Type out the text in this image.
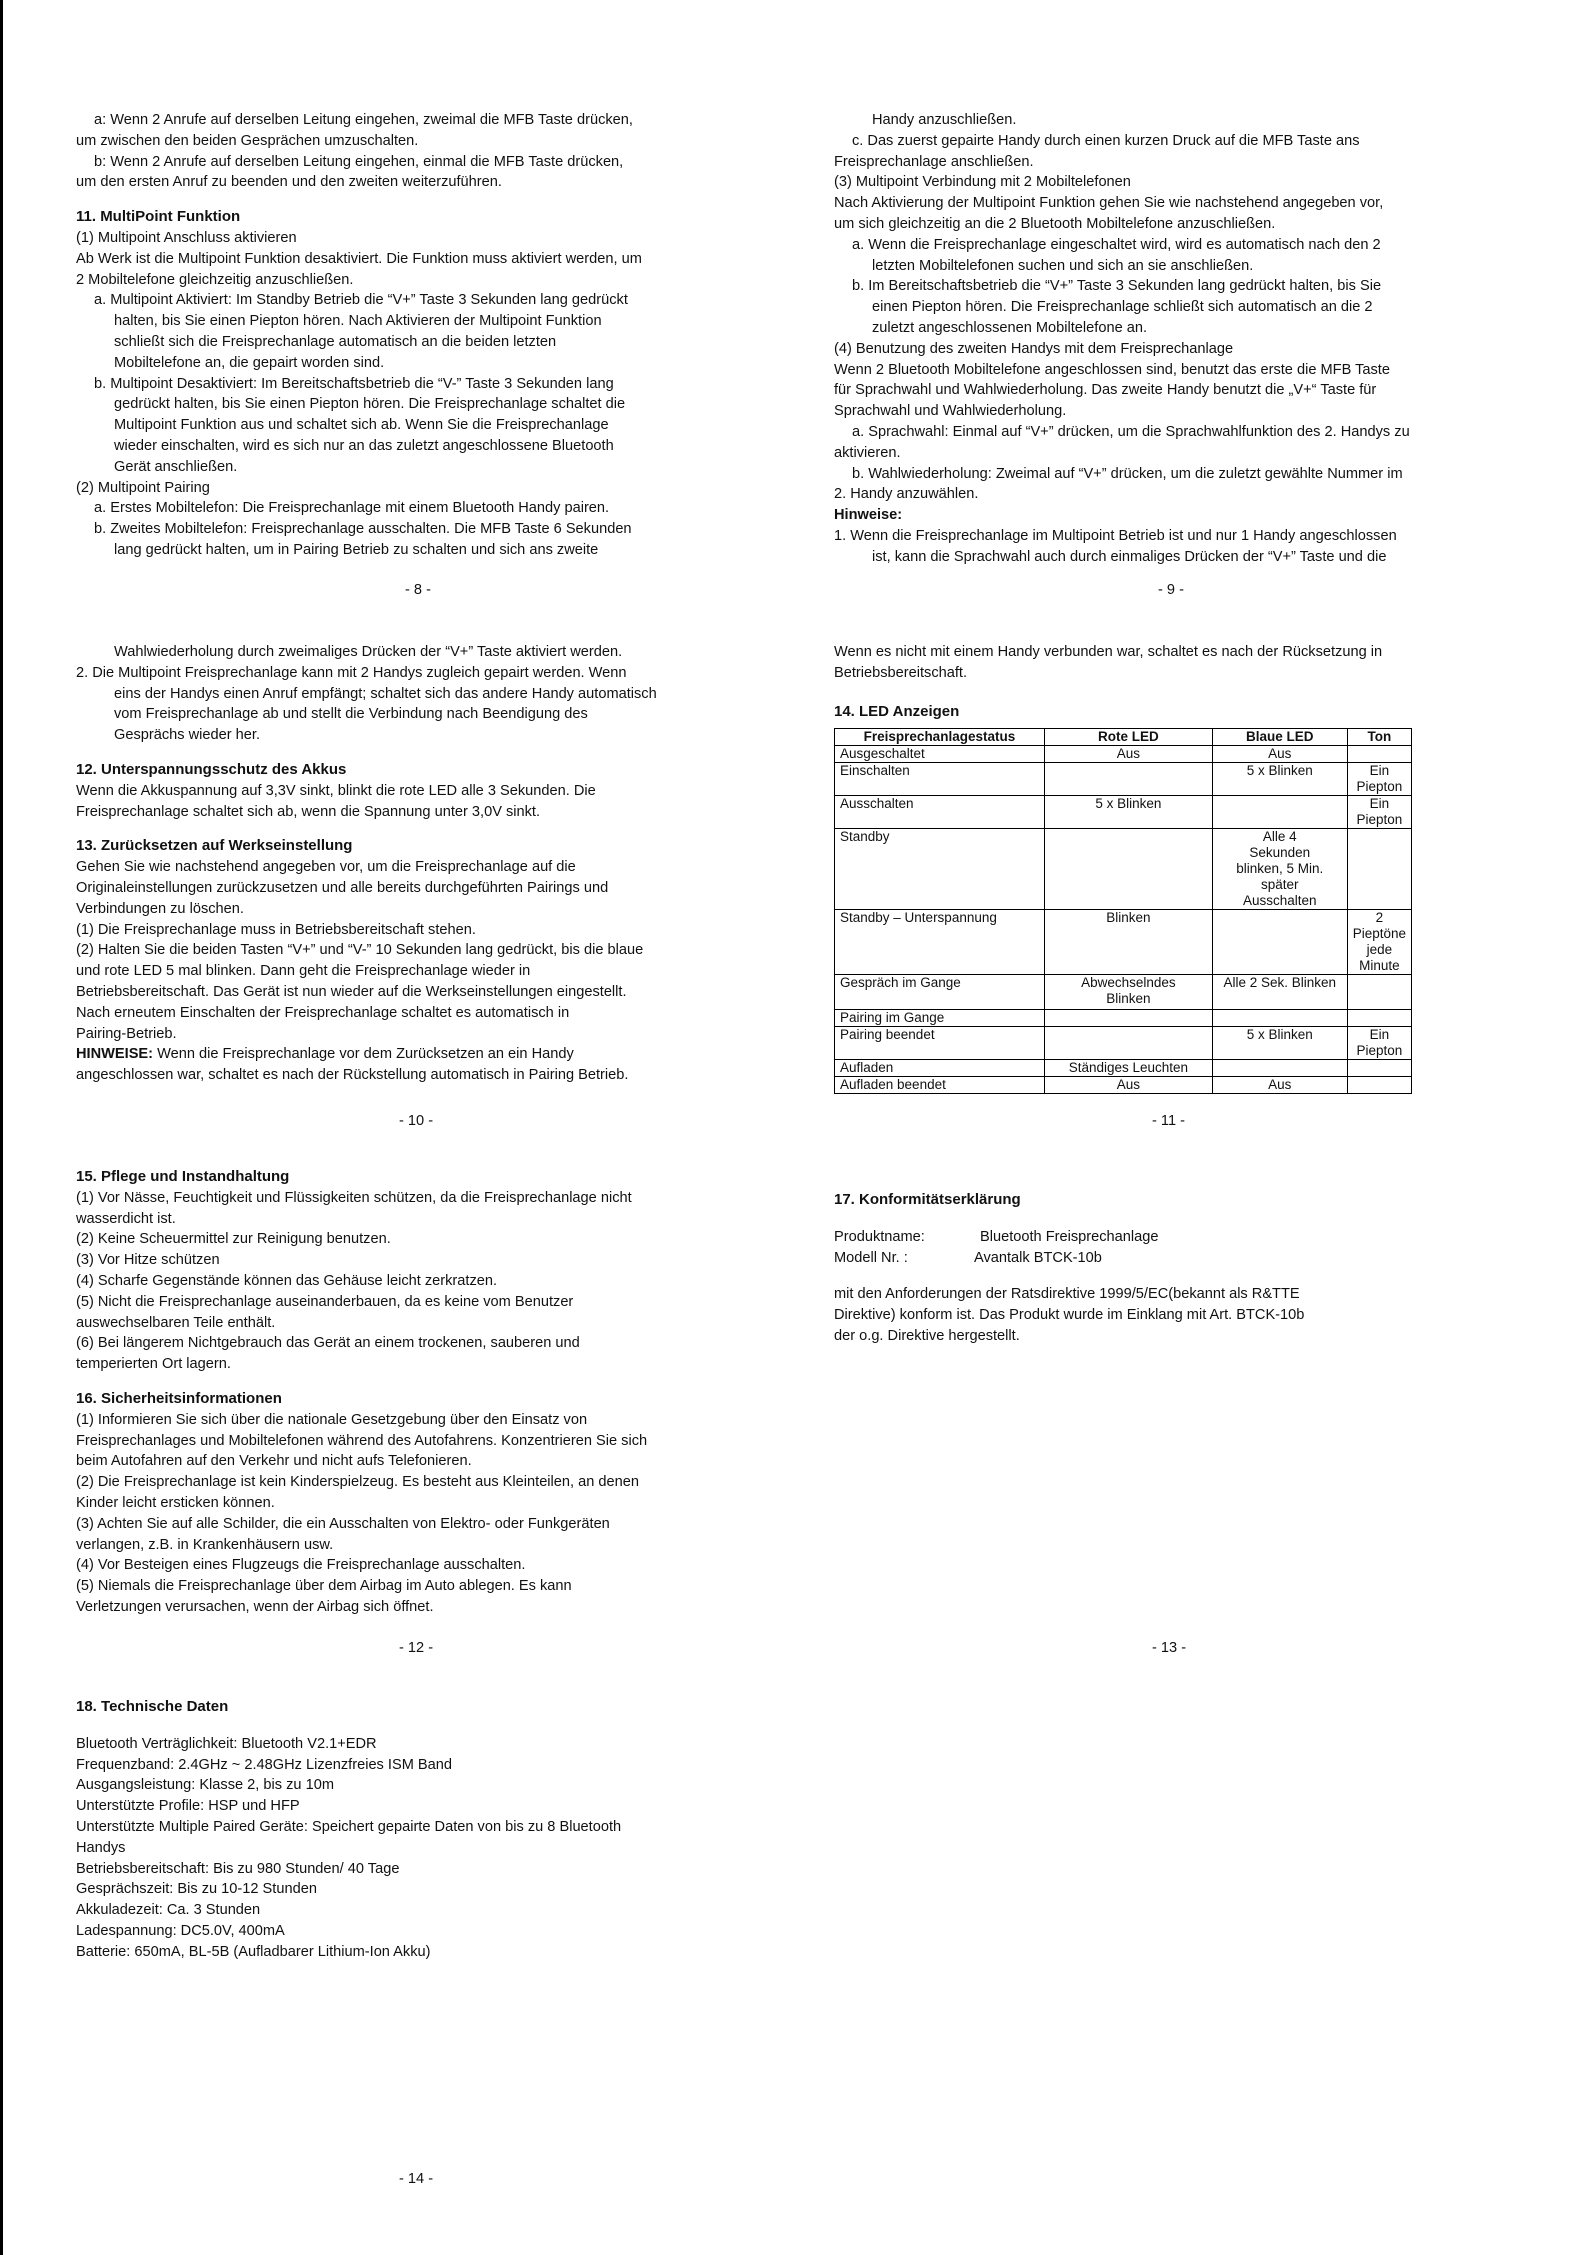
a: Wenn 2 Anrufe auf derselben Leitung eingehen, zweimal die MFB Taste drücken,

um zwischen den beiden Gesprächen umzuschalten.

b: Wenn 2 Anrufe auf derselben Leitung eingehen, einmal die MFB Taste drücken,

um den ersten Anruf zu beenden und den zweiten weiterzuführen.

11. MultiPoint Funktion

(1) Multipoint Anschluss aktivieren

Ab Werk ist die Multipoint Funktion desaktiviert. Die Funktion muss aktiviert werden, um

2 Mobiltelefone gleichzeitig anzuschließen.

a. Multipoint Aktiviert: Im Standby Betrieb die “V+” Taste 3 Sekunden lang gedrückt

halten, bis Sie einen Piepton hören. Nach Aktivieren der Multipoint Funktion

schließt sich die Freisprechanlage automatisch an die beiden letzten

Mobiltelefone an, die gepairt worden sind.

b. Multipoint Desaktiviert: Im Bereitschaftsbetrieb die “V-” Taste 3 Sekunden lang

gedrückt halten, bis Sie einen Piepton hören. Die Freisprechanlage schaltet die

Multipoint Funktion aus und schaltet sich ab. Wenn Sie die Freisprechanlage

wieder einschalten, wird es sich nur an das zuletzt angeschlossene Bluetooth

Gerät anschließen.

(2) Multipoint Pairing

a. Erstes Mobiltelefon: Die Freisprechanlage mit einem Bluetooth Handy pairen.

b. Zweites Mobiltelefon: Freisprechanlage ausschalten. Die MFB Taste 6 Sekunden

lang gedrückt halten, um in Pairing Betrieb zu schalten und sich ans zweite

- 8 -

Handy anzuschließen.

c. Das zuerst gepairte Handy durch einen kurzen Druck auf die MFB Taste ans

Freisprechanlage anschließen.

(3) Multipoint Verbindung mit 2 Mobiltelefonen

Nach Aktivierung der Multipoint Funktion gehen Sie wie nachstehend angegeben vor,

um sich gleichzeitig an die 2 Bluetooth Mobiltelefone anzuschließen.

a. Wenn die Freisprechanlage eingeschaltet wird, wird es automatisch nach den 2

letzten Mobiltelefonen suchen und sich an sie anschließen.

b. Im Bereitschaftsbetrieb die “V+” Taste 3 Sekunden lang gedrückt halten, bis Sie

einen Piepton hören. Die Freisprechanlage schließt sich automatisch an die 2

zuletzt angeschlossenen Mobiltelefone an.

(4) Benutzung des zweiten Handys mit dem Freisprechanlage

Wenn 2 Bluetooth Mobiltelefone angeschlossen sind, benutzt das erste die MFB Taste

für Sprachwahl und Wahlwiederholung. Das zweite Handy benutzt die „V+“ Taste für

Sprachwahl und Wahlwiederholung.

a. Sprachwahl: Einmal auf “V+” drücken, um die Sprachwahlfunktion des 2. Handys zu

aktivieren.

b. Wahlwiederholung: Zweimal auf “V+” drücken, um die zuletzt gewählte Nummer im

2. Handy anzuwählen.

Hinweise:

1. Wenn die Freisprechanlage im Multipoint Betrieb ist und nur 1 Handy angeschlossen

ist, kann die Sprachwahl auch durch einmaliges Drücken der “V+” Taste und die

- 9 -

Wahlwiederholung durch zweimaliges Drücken der “V+” Taste aktiviert werden.

2. Die Multipoint Freisprechanlage kann mit 2 Handys zugleich gepairt werden. Wenn

eins der Handys einen Anruf empfängt; schaltet sich das andere Handy automatisch

vom Freisprechanlage ab und stellt die Verbindung nach Beendigung des

Gesprächs wieder her.

12. Unterspannungsschutz des Akkus

Wenn die Akkuspannung auf 3,3V sinkt, blinkt die rote LED alle 3 Sekunden. Die

Freisprechanlage schaltet sich ab, wenn die Spannung unter 3,0V sinkt.

13. Zurücksetzen auf Werkseinstellung

Gehen Sie wie nachstehend angegeben vor, um die Freisprechanlage auf die

Originaleinstellungen zurückzusetzen und alle bereits durchgeführten Pairings und

Verbindungen zu löschen.

(1) Die Freisprechanlage muss in Betriebsbereitschaft stehen.

(2) Halten Sie die beiden Tasten “V+” und “V-” 10 Sekunden lang gedrückt, bis die blaue

und rote LED 5 mal blinken. Dann geht die Freisprechanlage wieder in

Betriebsbereitschaft. Das Gerät ist nun wieder auf die Werkseinstellungen eingestellt.

Nach erneutem Einschalten der Freisprechanlage schaltet es automatisch in

Pairing-Betrieb.

HINWEISE: Wenn die Freisprechanlage vor dem Zurücksetzen an ein Handy

angeschlossen war, schaltet es nach der Rückstellung automatisch in Pairing Betrieb.

- 10 -

Wenn es nicht mit einem Handy verbunden war, schaltet es nach der Rücksetzung in

Betriebsbereitschaft.

14. LED Anzeigen

Freisprechanlagestatus	Rote LED	Blaue LED	Ton
Ausgeschaltet	Aus	Aus	
Einschalten		5 x Blinken	Ein Piepton
Ausschalten	5 x Blinken		Ein Piepton
Standby		Alle 4 Sekunden blinken, 5 Min. später Ausschalten	
Standby – Unterspannung	Blinken		2 Pieptöne jede Minute
Gespräch im Gange	Abwechselndes Blinken	Alle 2 Sek. Blinken	
Pairing im Gange			
Pairing beendet		5 x Blinken	Ein Piepton
Aufladen	Ständiges Leuchten		
Aufladen beendet	Aus	Aus	
- 11 -

15. Pflege und Instandhaltung

(1) Vor Nässe, Feuchtigkeit und Flüssigkeiten schützen, da die Freisprechanlage nicht

wasserdicht ist.

(2) Keine Scheuermittel zur Reinigung benutzen.

(3) Vor Hitze schützen

(4) Scharfe Gegenstände können das Gehäuse leicht zerkratzen.

(5) Nicht die Freisprechanlage auseinanderbauen, da es keine vom Benutzer

auswechselbaren Teile enthält.

(6) Bei längerem Nichtgebrauch das Gerät an einem trockenen, sauberen und

temperierten Ort lagern.

16. Sicherheitsinformationen

(1) Informieren Sie sich über die nationale Gesetzgebung über den Einsatz von

Freisprechanlages und Mobiltelefonen während des Autofahrens. Konzentrieren Sie sich

beim Autofahren auf den Verkehr und nicht aufs Telefonieren.

(2) Die Freisprechanlage ist kein Kinderspielzeug. Es besteht aus Kleinteilen, an denen

Kinder leicht ersticken können.

(3) Achten Sie auf alle Schilder, die ein Ausschalten von Elektro- oder Funkgeräten

verlangen, z.B. in Krankenhäusern usw.

(4) Vor Besteigen eines Flugzeugs die Freisprechanlage ausschalten.

(5) Niemals die Freisprechanlage über dem Airbag im Auto ablegen. Es kann

Verletzungen verursachen, wenn der Airbag sich öffnet.

- 12 -

17. Konformitätserklärung

Produktname:	Bluetooth Freisprechanlage

Modell Nr. :	Avantalk BTCK-10b

mit den Anforderungen der Ratsdirektive 1999/5/EC(bekannt als R&TTE

Direktive) konform ist. Das Produkt wurde im Einklang mit Art. BTCK-10b

der o.g. Direktive hergestellt.

- 13 -

18. Technische Daten

Bluetooth Verträglichkeit: Bluetooth V2.1+EDR

Frequenzband: 2.4GHz ~ 2.48GHz Lizenzfreies ISM Band

Ausgangsleistung: Klasse 2, bis zu 10m

Unterstützte Profile: HSP und HFP

Unterstützte Multiple Paired Geräte: Speichert gepairte Daten von bis zu 8 Bluetooth

Handys

Betriebsbereitschaft: Bis zu 980 Stunden/ 40 Tage

Gesprächszeit: Bis zu 10-12 Stunden

Akkuladezeit: Ca. 3 Stunden

Ladespannung: DC5.0V, 400mA

Batterie: 650mA, BL-5B (Aufladbarer Lithium-Ion Akku)

- 14 -
